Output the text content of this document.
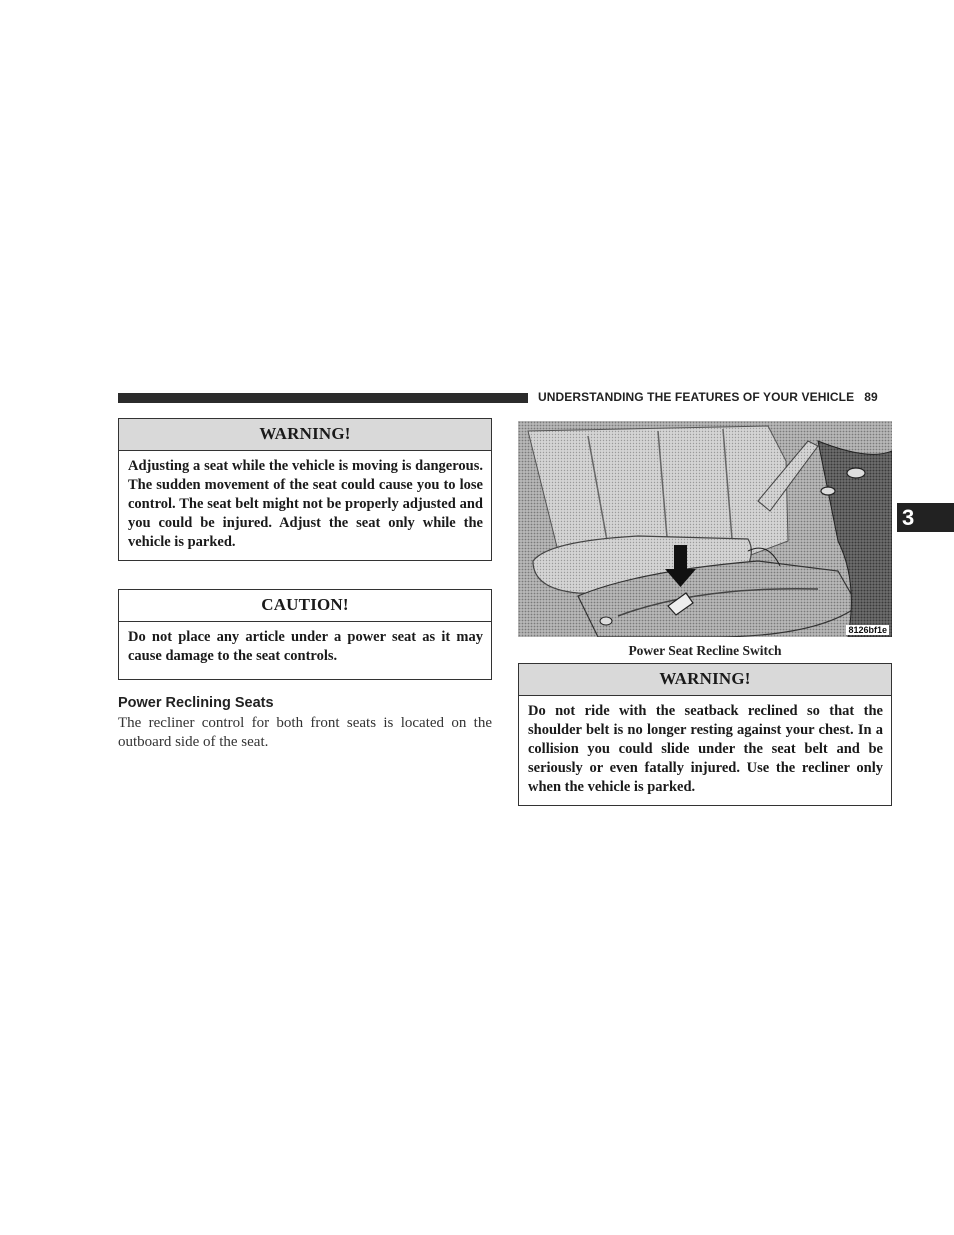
UNDERSTANDING THE FEATURES OF YOUR VEHICLE 89
3
WARNING!
Adjusting a seat while the vehicle is moving is dangerous. The sudden movement of the seat could cause you to lose control. The seat belt might not be properly adjusted and you could be injured. Adjust the seat only while the vehicle is parked.
CAUTION!
Do not place any article under a power seat as it may cause damage to the seat controls.
Power Reclining Seats
The recliner control for both front seats is located on the outboard side of the seat.
8126bf1e
Power Seat Recline Switch
WARNING!
Do not ride with the seatback reclined so that the shoulder belt is no longer resting against your chest. In a collision you could slide under the seat belt and be seriously or even fatally injured. Use the recliner only when the vehicle is parked.
